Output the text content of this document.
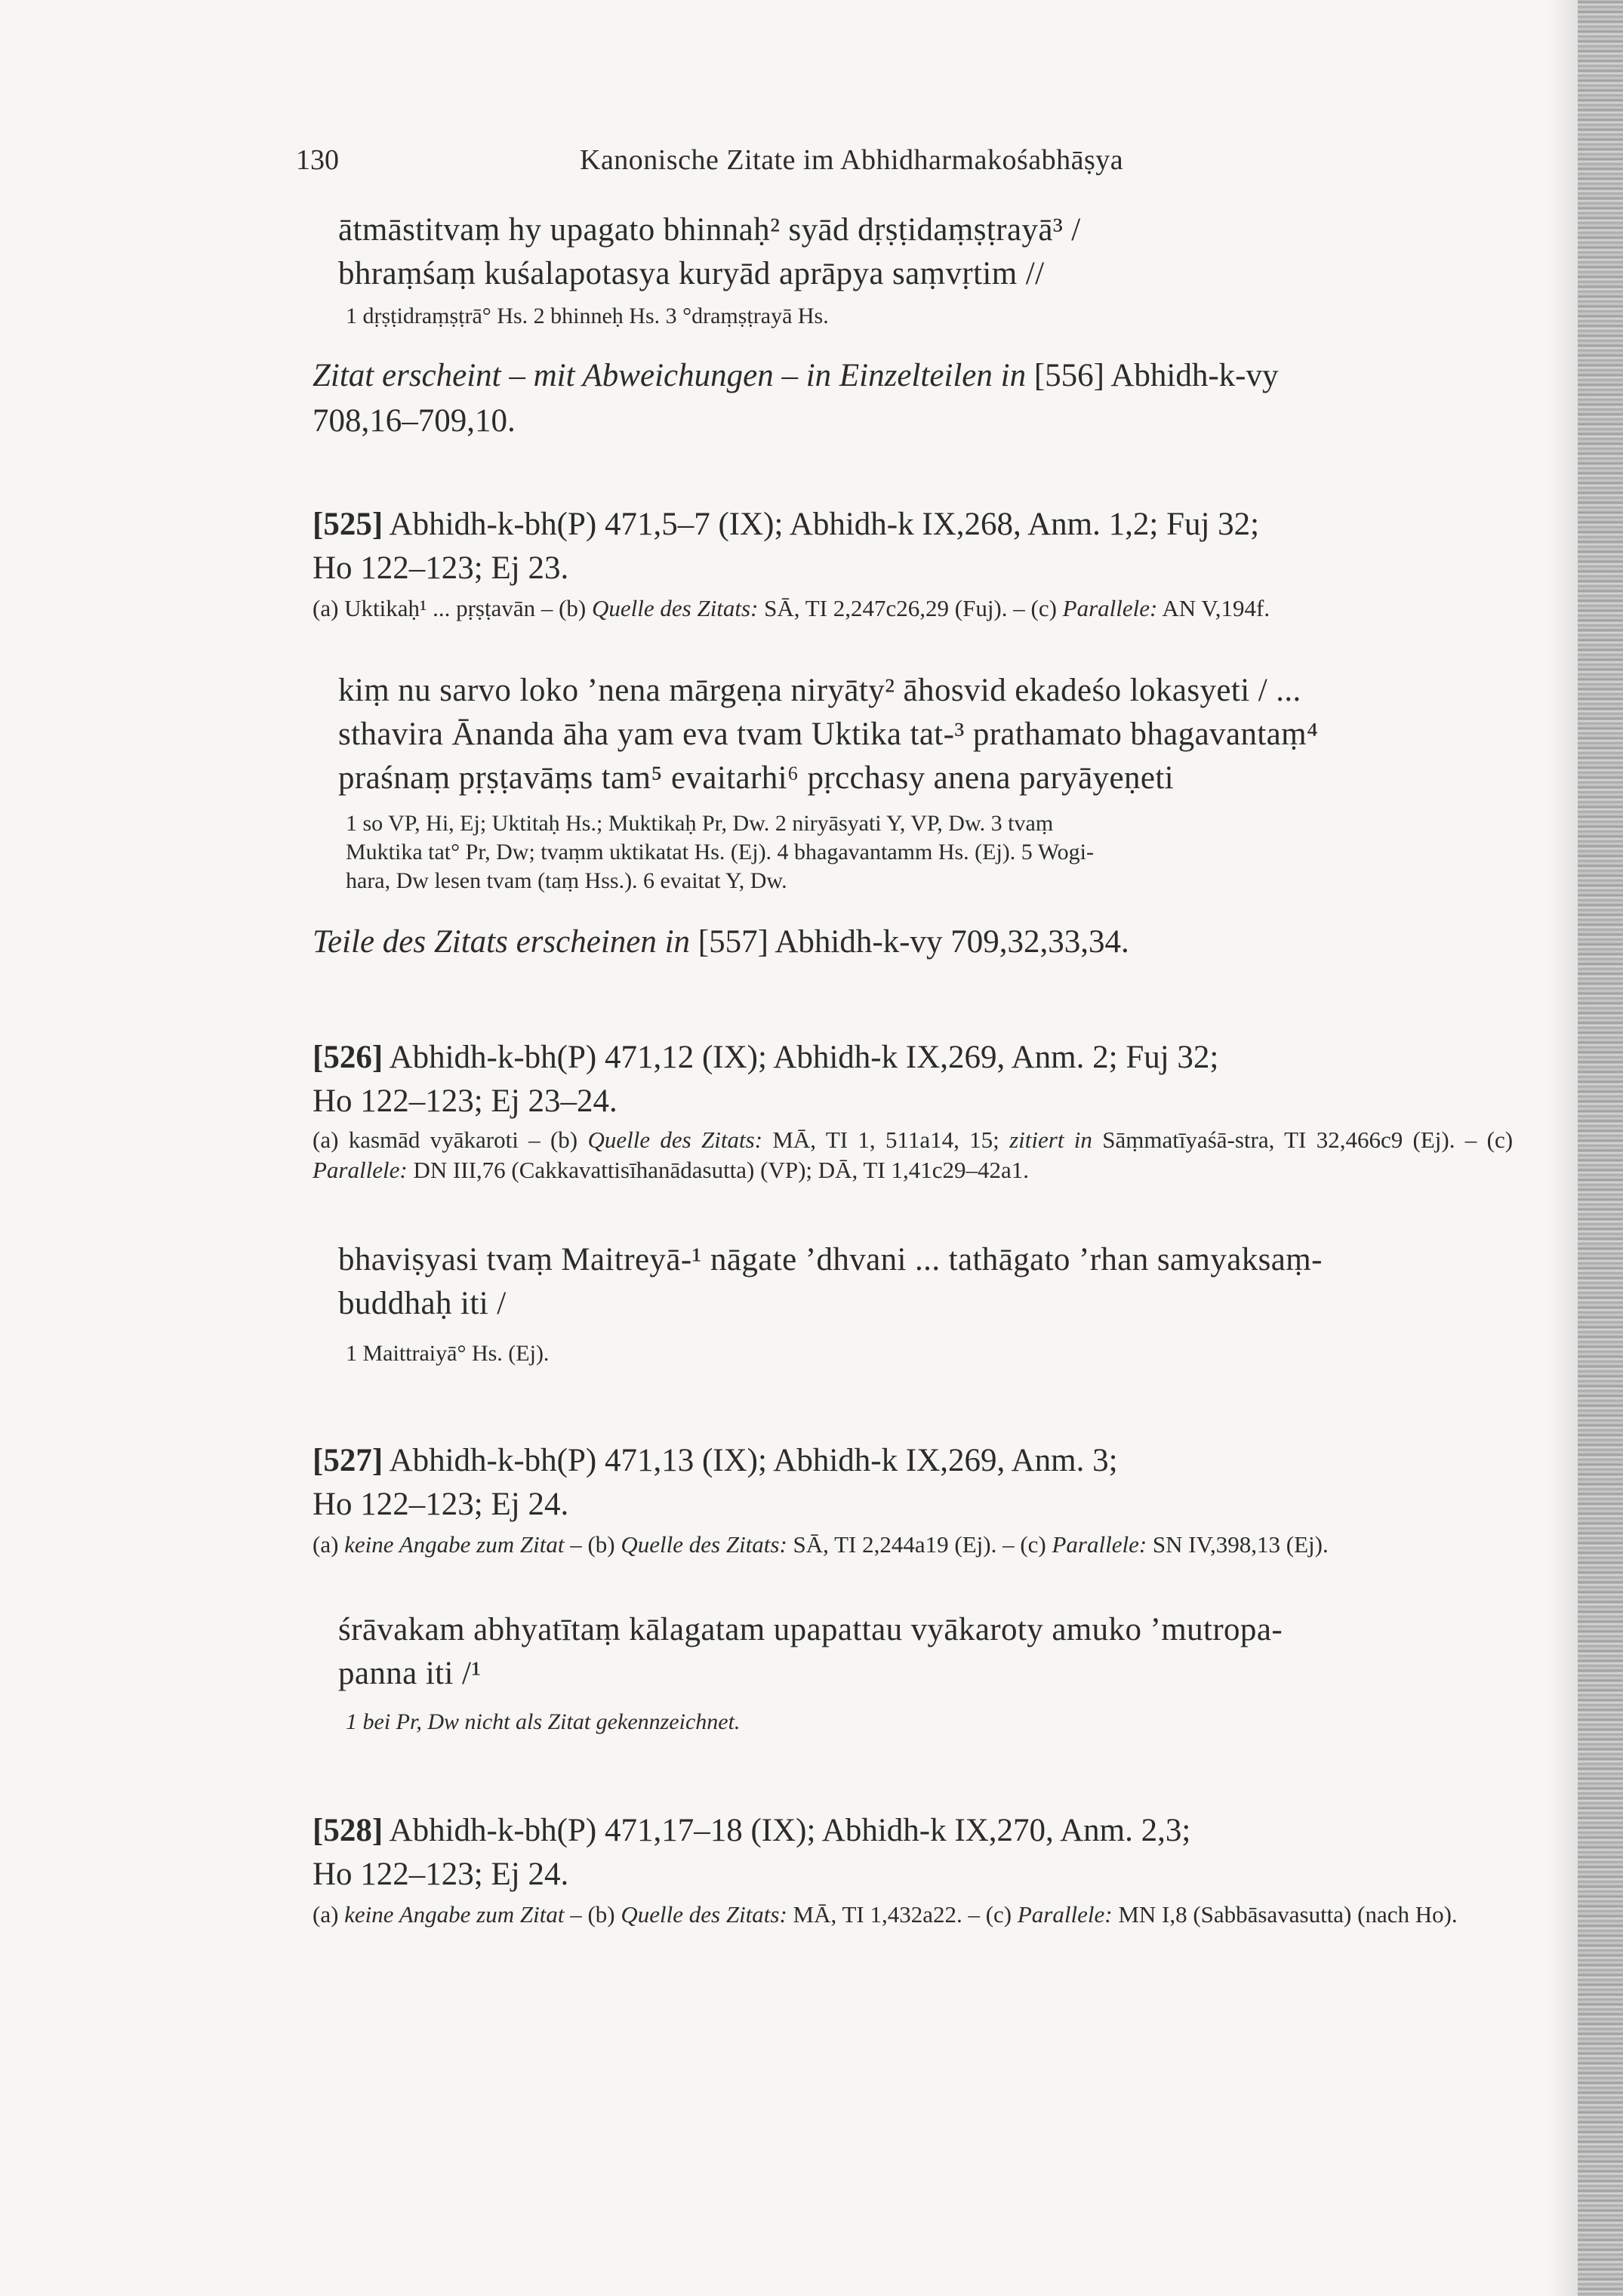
130	Kanonische Zitate im Abhidharmakośabhāṣya
ātmāstitvaṃ hy upagato bhinnaḥ² syād dṛṣṭidaṃṣṭrayā³ /
bhraṃśaṃ kuśalapotasya kuryād aprāpya saṃvṛtim //
1 dṛṣṭidraṃṣṭrā° Hs. 2 bhinneḥ Hs. 3 °draṃṣṭrayā Hs.
Zitat erscheint – mit Abweichungen – in Einzelteilen in [556] Abhidh-k-vy
708,16–709,10.
[525] Abhidh-k-bh(P) 471,5–7 (IX); Abhidh-k IX,268, Anm. 1,2; Fuj 32;
Ho 122–123; Ej 23.
(a) Uktikaḥ¹ ... pṛṣṭavān – (b) Quelle des Zitats: SĀ, TI 2,247c26,29 (Fuj). – (c) Parallele: AN V,194f.
kiṃ nu sarvo loko ’nena mārgeṇa niryāty² āhosvid ekadeśo lokasyeti / ...
sthavira Ānanda āha yam eva tvam Uktika tat-³ prathamato bhagavantaṃ⁴
praśnaṃ pṛṣṭavāṃs tam⁵ evaitarhi⁶ pṛcchasy anena paryāyeṇeti
1 so VP, Hi, Ej; Uktitaḥ Hs.; Muktikaḥ Pr, Dw. 2 niryāsyati Y, VP, Dw. 3 tvaṃ
Muktika tat° Pr, Dw; tvaṃm uktikatat Hs. (Ej). 4 bhagavantamm Hs. (Ej). 5 Wogi-
hara, Dw lesen tvam (taṃ Hss.). 6 evaitat Y, Dw.
Teile des Zitats erscheinen in [557] Abhidh-k-vy 709,32,33,34.
[526] Abhidh-k-bh(P) 471,12 (IX); Abhidh-k IX,269, Anm. 2; Fuj 32;
Ho 122–123; Ej 23–24.
(a) kasmād vyākaroti – (b) Quelle des Zitats: MĀ, TI 1, 511a14, 15; zitiert in Sāṃmatīyaśā-stra, TI 32,466c9 (Ej). – (c) Parallele: DN III,76 (Cakkavattisīhanādasutta) (VP); DĀ, TI 1,41c29–42a1.
bhaviṣyasi tvaṃ Maitreyā-¹ nāgate ’dhvani ... tathāgato ’rhan samyaksaṃ-
buddhaḥ iti /
1 Maittraiyā° Hs. (Ej).
[527] Abhidh-k-bh(P) 471,13 (IX); Abhidh-k IX,269, Anm. 3;
Ho 122–123; Ej 24.
(a) keine Angabe zum Zitat – (b) Quelle des Zitats: SĀ, TI 2,244a19 (Ej). – (c) Parallele: SN IV,398,13 (Ej).
śrāvakam abhyatītaṃ kālagatam upapattau vyākaroty amuko ’mutropa-
panna iti /¹
1 bei Pr, Dw nicht als Zitat gekennzeichnet.
[528] Abhidh-k-bh(P) 471,17–18 (IX); Abhidh-k IX,270, Anm. 2,3;
Ho 122–123; Ej 24.
(a) keine Angabe zum Zitat – (b) Quelle des Zitats: MĀ, TI 1,432a22. – (c) Parallele: MN I,8 (Sabbāsavasutta) (nach Ho).
